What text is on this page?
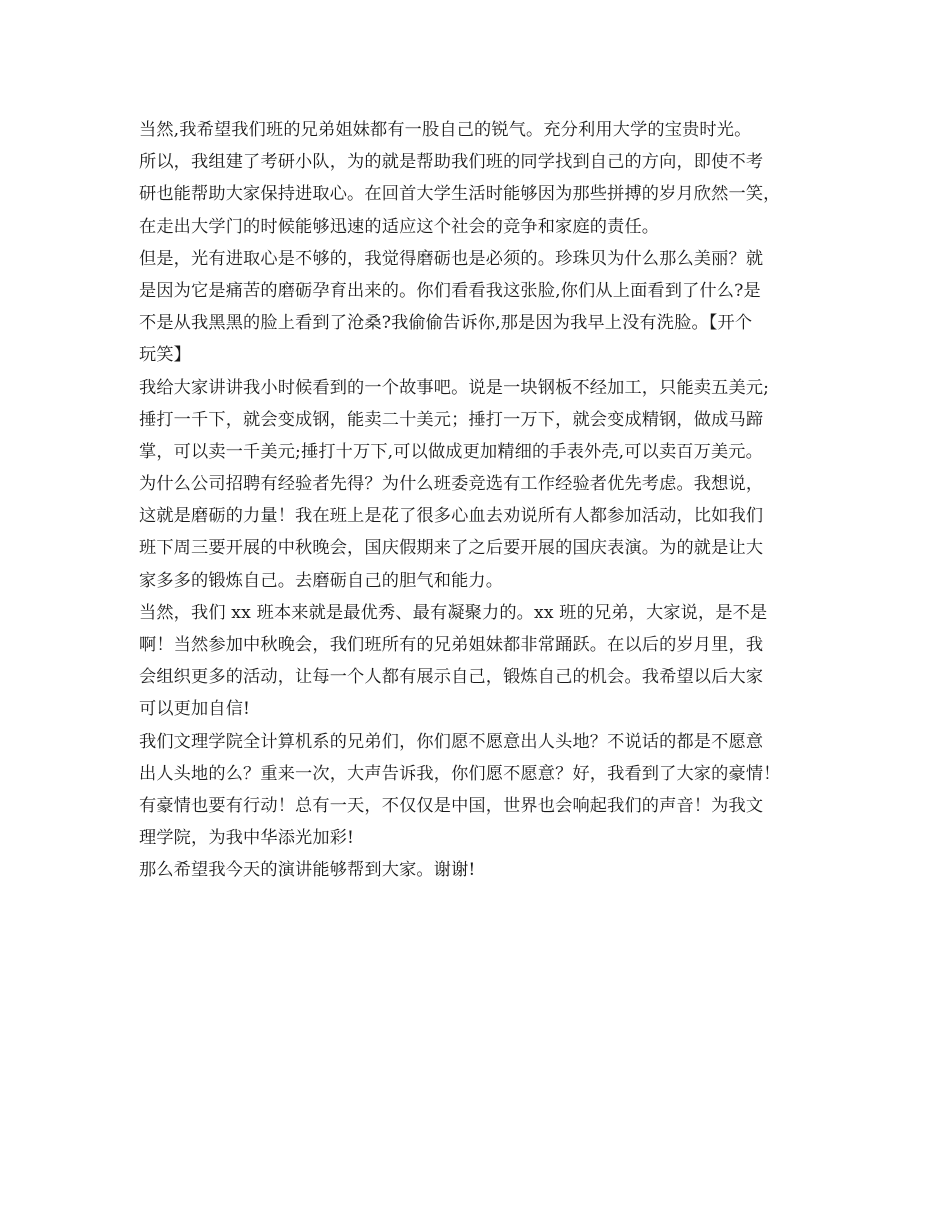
当然,我希望我们班的兄弟姐妹都有一股自己的锐气。充分利用大学的宝贵时光。
所以，我组建了考研小队，为的就是帮助我们班的同学找到自己的方向，即使不考
研也能帮助大家保持进取心。在回首大学生活时能够因为那些拼搏的岁月欣然一笑，
在走出大学门的时候能够迅速的适应这个社会的竞争和家庭的责任。
但是，光有进取心是不够的，我觉得磨砺也是必须的。珍珠贝为什么那么美丽？就
是因为它是痛苦的磨砺孕育出来的。你们看看我这张脸,你们从上面看到了什么?是
不是从我黑黑的脸上看到了沧桑?我偷偷告诉你,那是因为我早上没有洗脸。【开个
玩笑】
我给大家讲讲我小时候看到的一个故事吧。说是一块钢板不经加工，只能卖五美元;
捶打一千下，就会变成钢，能卖二十美元；捶打一万下，就会变成精钢，做成马蹄
掌，可以卖一千美元;捶打十万下,可以做成更加精细的手表外壳,可以卖百万美元。
为什么公司招聘有经验者先得？为什么班委竞选有工作经验者优先考虑。我想说，
这就是磨砺的力量！我在班上是花了很多心血去劝说所有人都参加活动，比如我们
班下周三要开展的中秋晚会，国庆假期来了之后要开展的国庆表演。为的就是让大
家多多的锻炼自己。去磨砺自己的胆气和能力。
当然，我们 xx 班本来就是最优秀、最有凝聚力的。xx 班的兄弟，大家说，是不是
啊！当然参加中秋晚会，我们班所有的兄弟姐妹都非常踊跃。在以后的岁月里，我
会组织更多的活动，让每一个人都有展示自己，锻炼自己的机会。我希望以后大家
可以更加自信!
我们文理学院全计算机系的兄弟们，你们愿不愿意出人头地？不说话的都是不愿意
出人头地的么？重来一次，大声告诉我，你们愿不愿意？好，我看到了大家的豪情！
有豪情也要有行动！总有一天，不仅仅是中国，世界也会响起我们的声音！为我文
理学院，为我中华添光加彩!
那么希望我今天的演讲能够帮到大家。谢谢!
